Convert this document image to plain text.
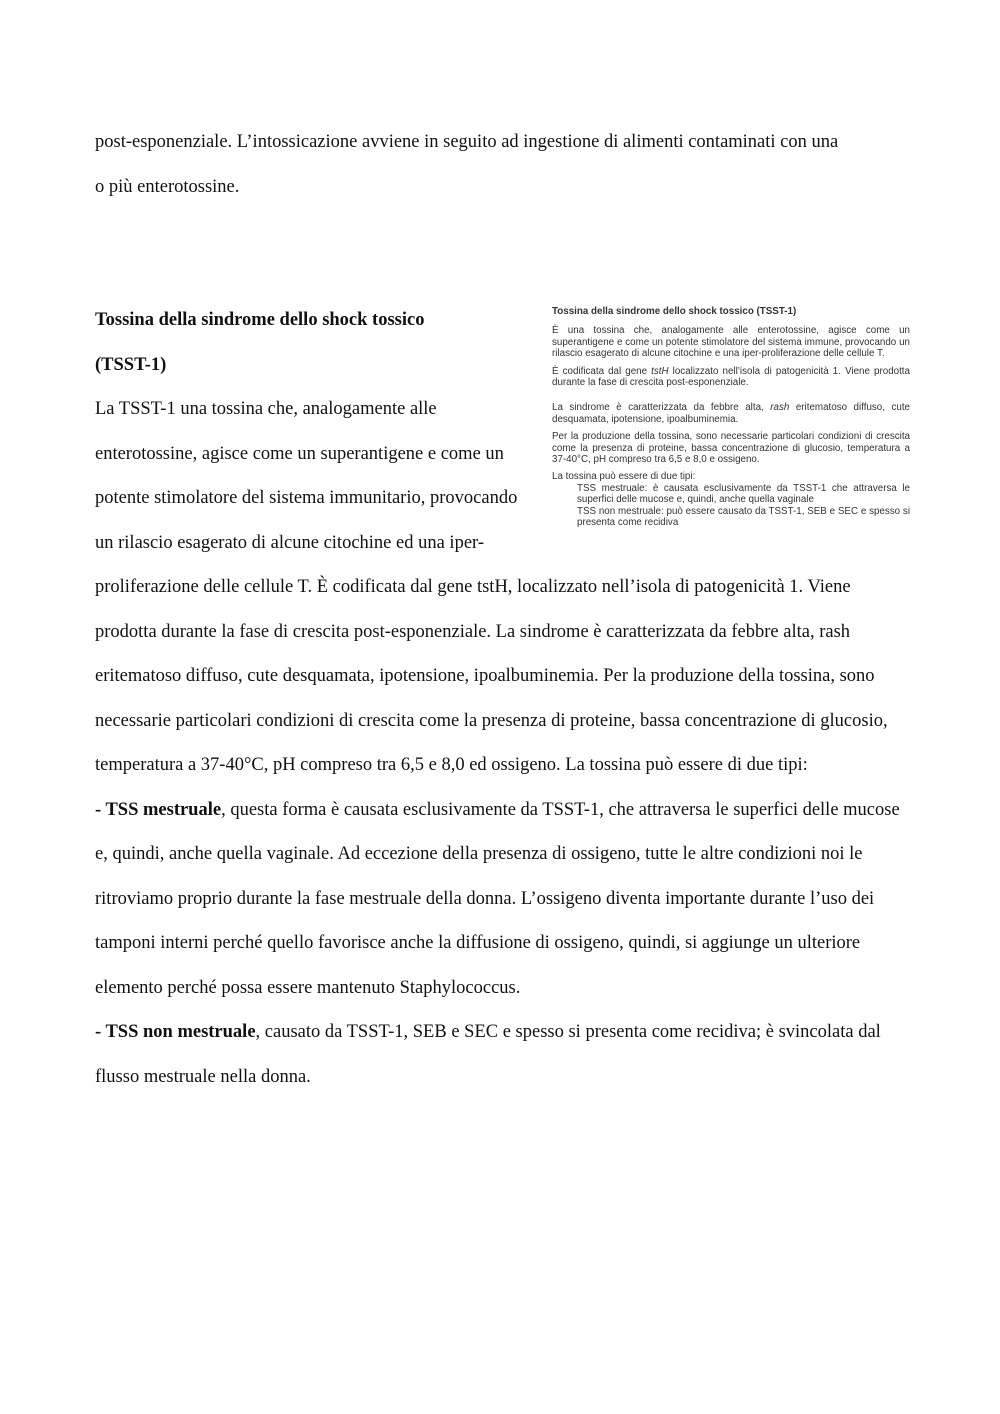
post-esponenziale. L’intossicazione avviene in seguito ad ingestione di alimenti contaminati con una

o più enterotossine.

Tossina della sindrome dello shock tossico (TSST-1)

È una tossina che, analogamente alle enterotossine, agisce come un superantigene e come un potente stimolatore del sistema immune, provocando un rilascio esagerato di alcune citochine e una iper-proliferazione delle cellule T.

È codificata dal gene tstH localizzato nell’isola di patogenicità 1. Viene prodotta durante la fase di crescita post-esponenziale.

La sindrome è caratterizzata da febbre alta, rash eritematoso diffuso, cute desquamata, ipotensione, ipoalbuminemia.

Per la produzione della tossina, sono necessarie particolari condizioni di crescita come la presenza di proteine, bassa concentrazione di glucosio, temperatura a 37-40°C, pH compreso tra 6,5 e 8,0 e ossigeno.

La tossina può essere di due tipi:

TSS mestruale: è causata esclusivamente da TSST-1 che attraversa le superfici delle mucose e, quindi, anche quella vaginale

TSS non mestruale: può essere causato da TSST-1, SEB e SEC e spesso si presenta come recidiva

Tossina della sindrome dello shock tossico

(TSST-1)

La TSST-1 una tossina che, analogamente alle enterotossine, agisce come un superantigene e come un potente stimolatore del sistema immunitario, provocando un rilascio esagerato di alcune citochine ed una iper-proliferazione delle cellule T. È codificata dal gene tstH, localizzato nell’isola di patogenicità 1. Viene prodotta durante la fase di crescita post-esponenziale. La sindrome è caratterizzata da febbre alta, rash eritematoso diffuso, cute desquamata, ipotensione, ipoalbuminemia. Per la produzione della tossina, sono necessarie particolari condizioni di crescita come la presenza di proteine, bassa concentrazione di glucosio, temperatura a 37-40°C, pH compreso tra 6,5 e 8,0 ed ossigeno. La tossina può essere di due tipi:

- TSS mestruale, questa forma è causata esclusivamente da TSST-1, che attraversa le superfici delle mucose e, quindi, anche quella vaginale. Ad eccezione della presenza di ossigeno, tutte le altre condizioni noi le ritroviamo proprio durante la fase mestruale della donna. L’ossigeno diventa importante durante l’uso dei tamponi interni perché quello favorisce anche la diffusione di ossigeno, quindi, si aggiunge un ulteriore elemento perché possa essere mantenuto Staphylococcus.

- TSS non mestruale, causato da TSST-1, SEB e SEC e spesso si presenta come recidiva; è svincolata dal flusso mestruale nella donna.
